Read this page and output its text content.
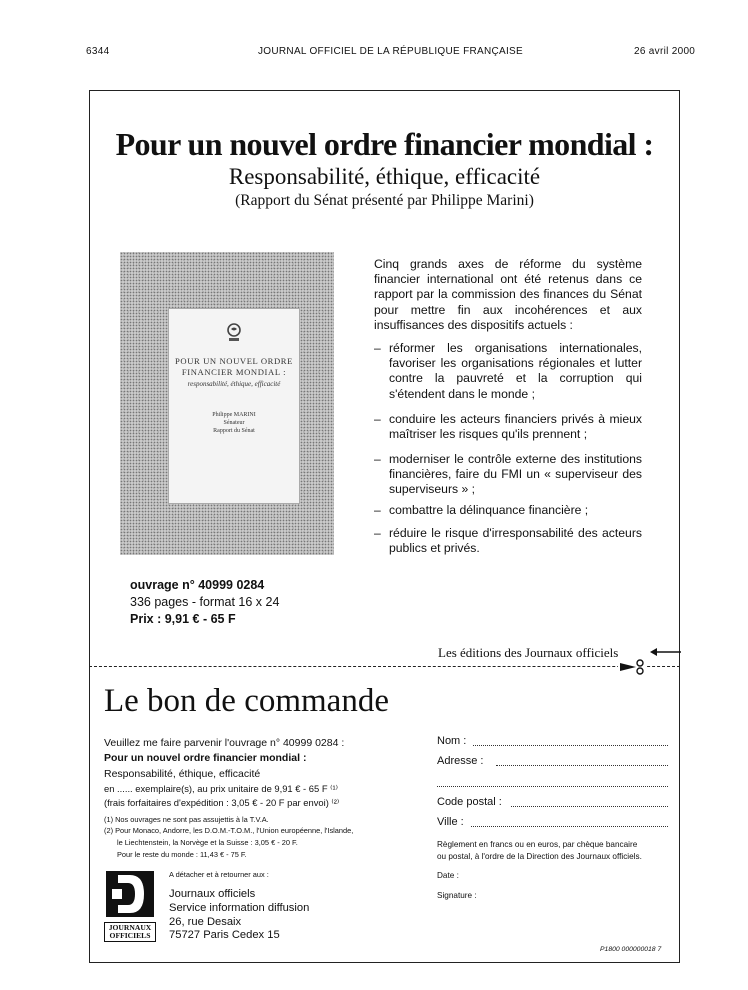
6344	JOURNAL OFFICIEL DE LA RÉPUBLIQUE FRANÇAISE	26 avril 2000
Pour un nouvel ordre financier mondial :
Responsabilité, éthique, efficacité
(Rapport du Sénat présenté par Philippe Marini)
POUR UN NOUVEL ORDRE
FINANCIER MONDIAL :
responsabilité, éthique, efficacité
Philippe MARINI
Sénateur
Rapport du Sénat
Cinq grands axes de réforme du système financier international ont été retenus dans ce rapport par la commission des finances du Sénat pour mettre fin aux incohérences et aux insuffisances des dispositifs actuels :
– réformer les organisations internationales, favoriser les organisations régionales et lutter contre la pauvreté et la corruption qui s'étendent dans le monde ;
– conduire les acteurs financiers privés à mieux maîtriser les risques qu'ils prennent ;
– moderniser le contrôle externe des institutions financières, faire du FMI un « superviseur des superviseurs » ;
– combattre la délinquance financière ;
– réduire le risque d'irresponsabilité des acteurs publics et privés.
ouvrage n° 40999 0284
336 pages - format 16 x 24
Prix : 9,91 € - 65 F
Les éditions des Journaux officiels
Le bon de commande
Veuillez me faire parvenir l'ouvrage n° 40999 0284 :
Pour un nouvel ordre financier mondial :
Responsabilité, éthique, efficacité
en ...... exemplaire(s), au prix unitaire de 9,91 € - 65 F ⁽¹⁾
(frais forfaitaires d'expédition : 3,05 € - 20 F par envoi) ⁽²⁾
(1) Nos ouvrages ne sont pas assujettis à la T.V.A.
(2) Pour Monaco, Andorre, les D.O.M.-T.O.M., l'Union européenne, l'Islande,
le Liechtenstein, la Norvège et la Suisse : 3,05 € - 20 F.
Pour le reste du monde : 11,43 € - 75 F.
A détacher et à retourner aux :
JOURNAUX
OFFICIELS
Journaux officiels
Service information diffusion
26, rue Desaix
75727 Paris Cedex 15
Nom :
Adresse :
Code postal :
Ville :
Règlement en francs ou en euros, par chèque bancaire
ou postal, à l'ordre de la Direction des Journaux officiels.
Date :
Signature :
P1800 000000018 7
